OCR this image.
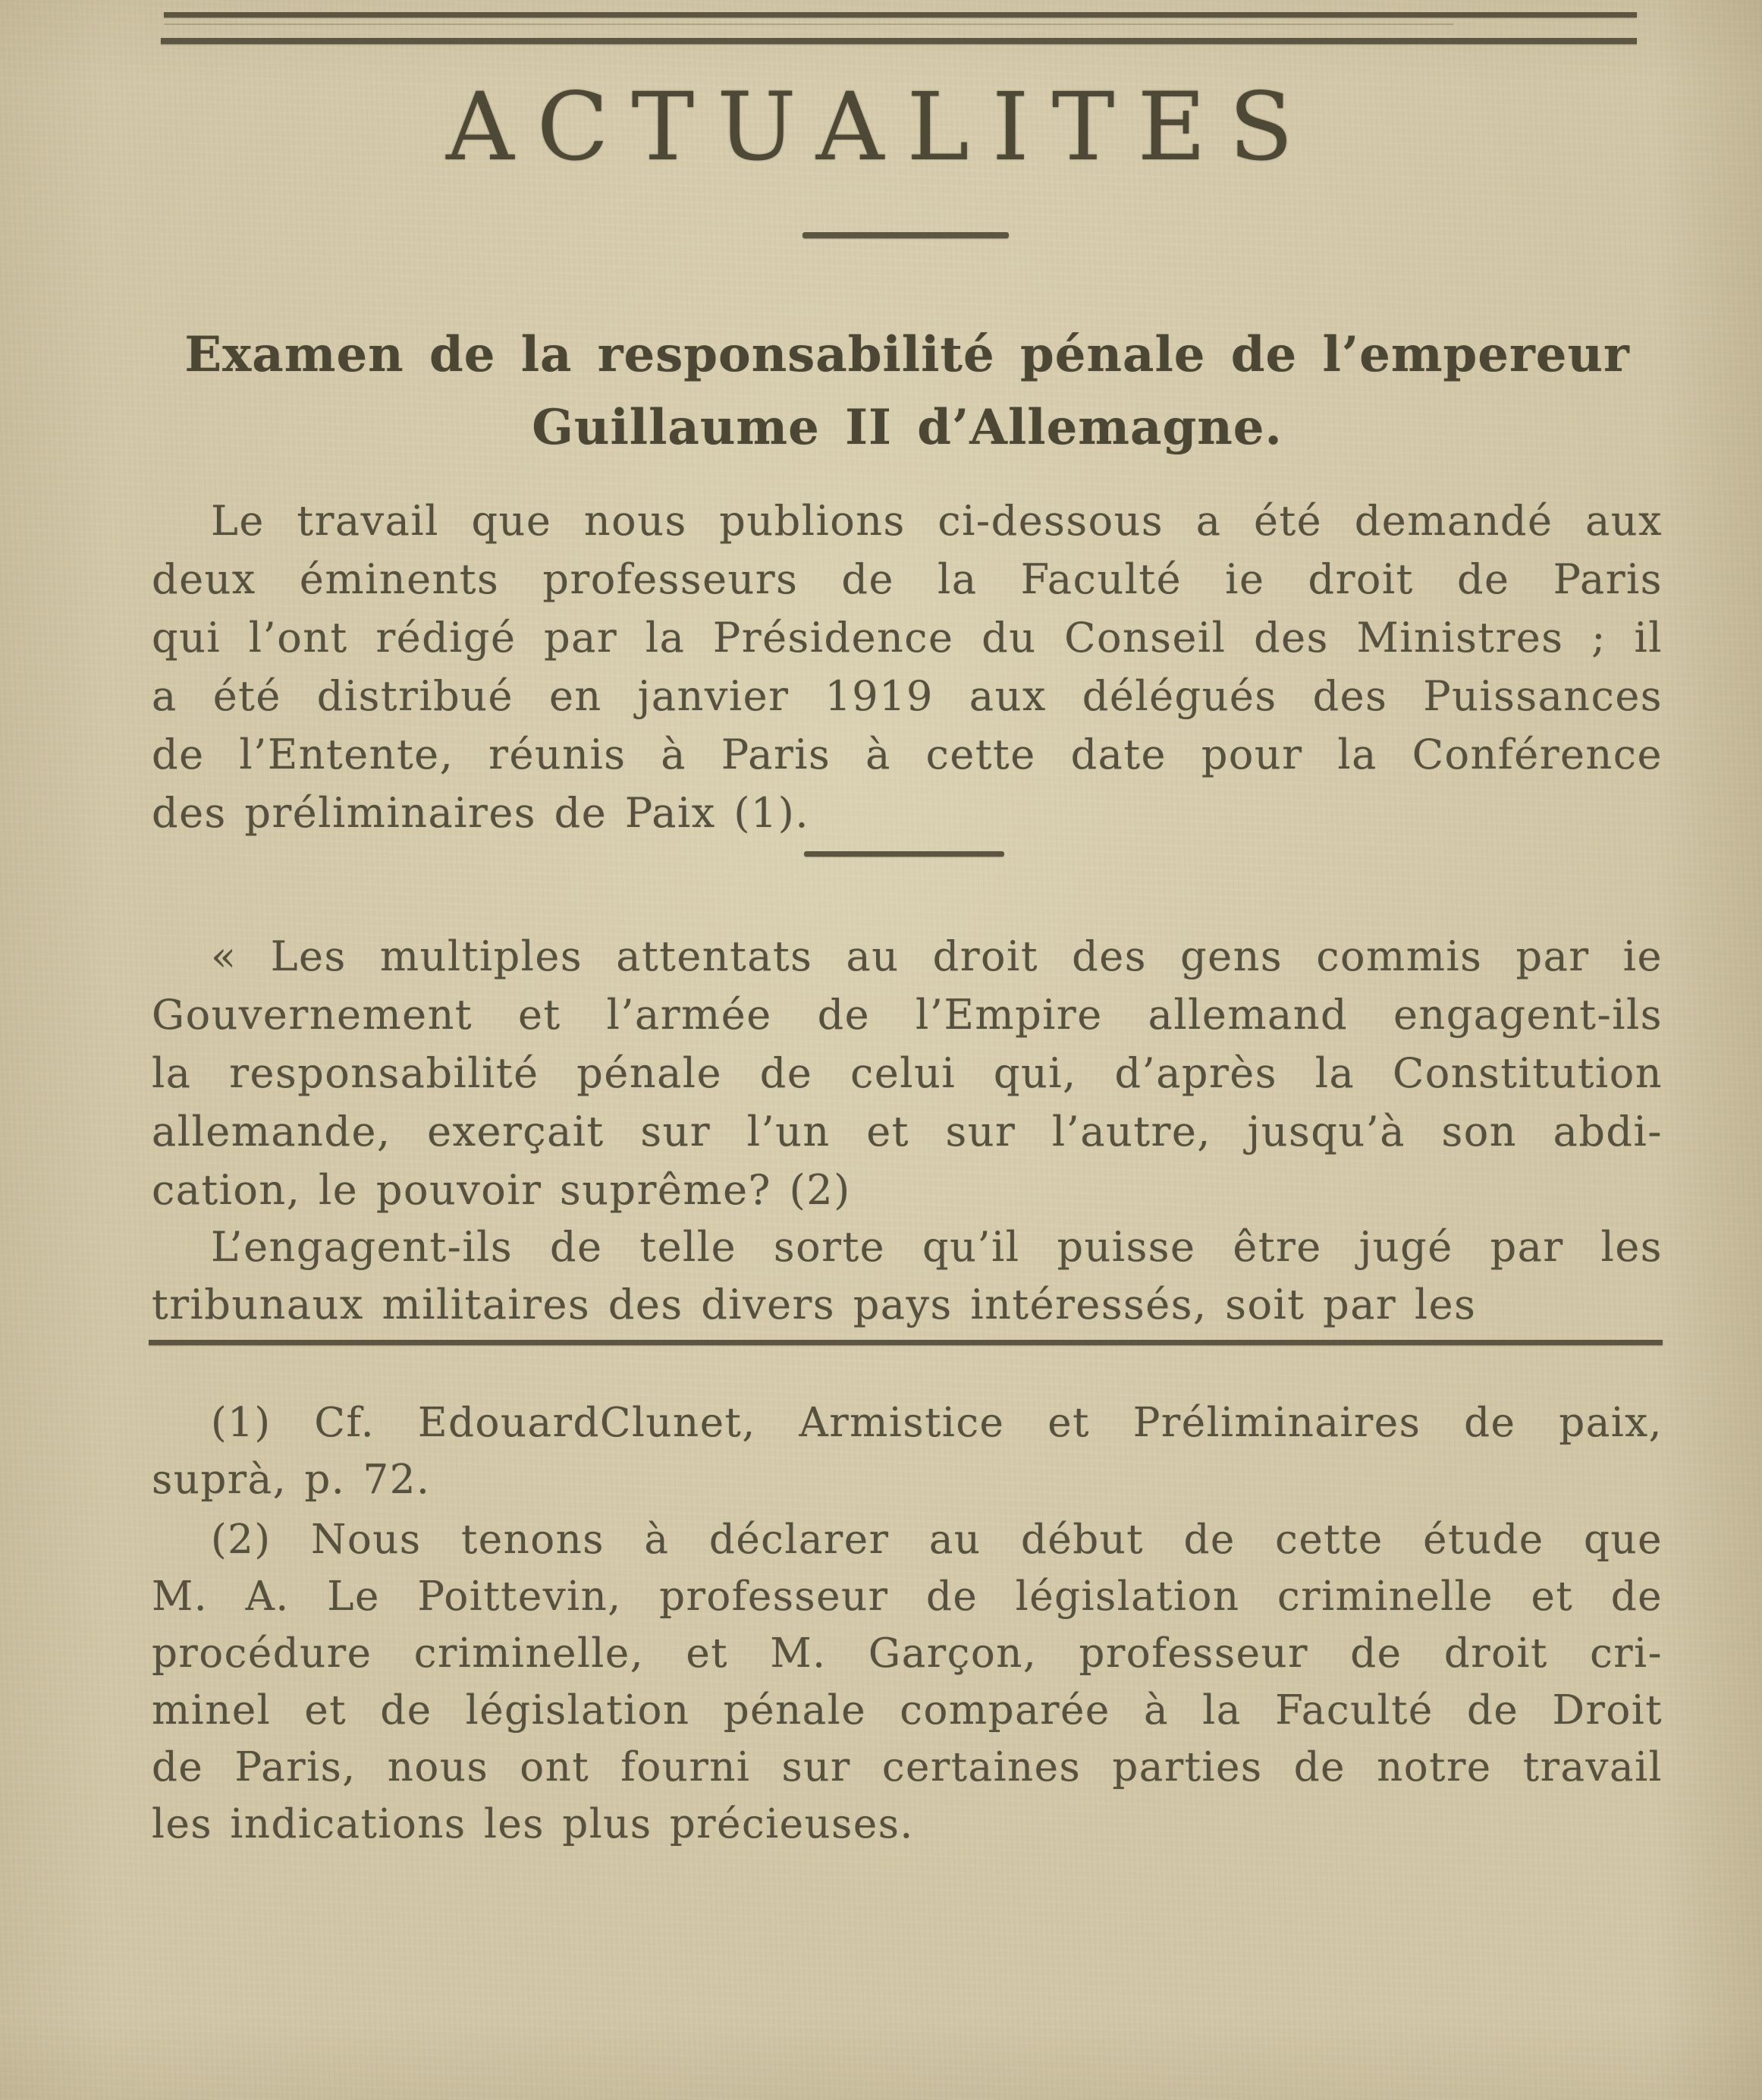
ACTUALITES
Examen de la responsabilité pénale de l’empereur
Guillaume II d’Allemagne.
Le travail que nous publions ci-dessous a été demandé aux
deux éminents professeurs de la Faculté ie droit de Paris
qui l’ont rédigé par la Présidence du Conseil des Ministres ; il
a été distribué en janvier 1919 aux délégués des Puissances
de l’Entente, réunis à Paris à cette date pour la Conférence
des préliminaires de Paix (1).
« Les multiples attentats au droit des gens commis par ie
Gouvernement et l’armée de l’Empire allemand engagent-ils
la responsabilité pénale de celui qui, d’après la Constitution
allemande, exerçait sur l’un et sur l’autre, jusqu’à son abdi-
cation, le pouvoir suprême? (2)
L’engagent-ils de telle sorte qu’il puisse être jugé par les
tribunaux militaires des divers pays intéressés, soit par les
(1) Cf. EdouardClunet, Armistice et Préliminaires de paix,
suprà, p. 72.
(2) Nous tenons à déclarer au début de cette étude que
M. A. Le Poittevin, professeur de législation criminelle et de
procédure criminelle, et M. Garçon, professeur de droit cri-
minel et de législation pénale comparée à la Faculté de Droit
de Paris, nous ont fourni sur certaines parties de notre travail
les indications les plus précieuses.
